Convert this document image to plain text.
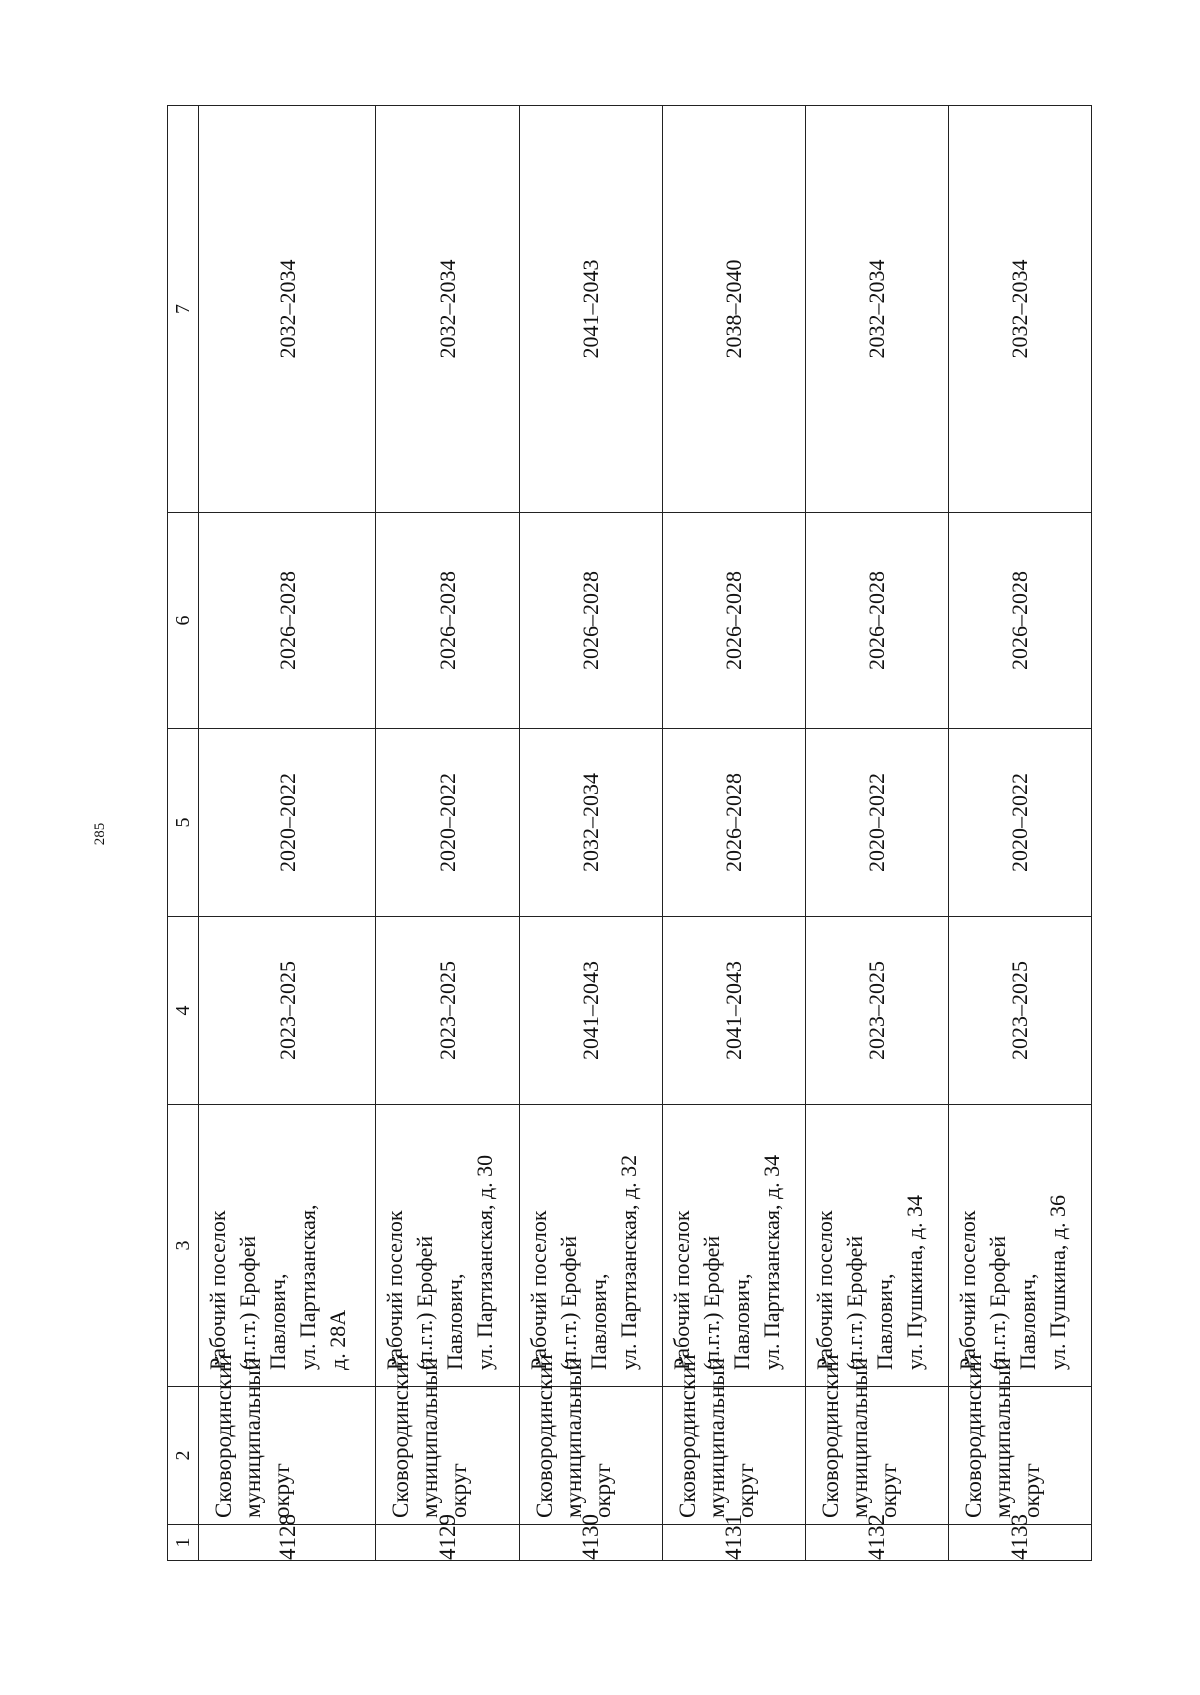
285
1	2	3	4	5	6	7
4128	Сковородинский муниципальный округ	Рабочий поселок (п.г.т.) Ерофей Павлович, ул. Партизанская, д. 28А	2023–2025	2020–2022	2026–2028	2032–2034
4129	Сковородинский муниципальный округ	Рабочий поселок (п.г.т.) Ерофей Павлович, ул. Партизанская, д. 30	2023–2025	2020–2022	2026–2028	2032–2034
4130	Сковородинский муниципальный округ	Рабочий поселок (п.г.т.) Ерофей Павлович, ул. Партизанская, д. 32	2041–2043	2032–2034	2026–2028	2041–2043
4131	Сковородинский муниципальный округ	Рабочий поселок (п.г.т.) Ерофей Павлович, ул. Партизанская, д. 34	2041–2043	2026–2028	2026–2028	2038–2040
4132	Сковородинский муниципальный округ	Рабочий поселок (п.г.т.) Ерофей Павлович, ул. Пушкина, д. 34	2023–2025	2020–2022	2026–2028	2032–2034
4133	Сковородинский муниципальный округ	Рабочий поселок (п.г.т.) Ерофей Павлович, ул. Пушкина, д. 36	2023–2025	2020–2022	2026–2028	2032–2034
